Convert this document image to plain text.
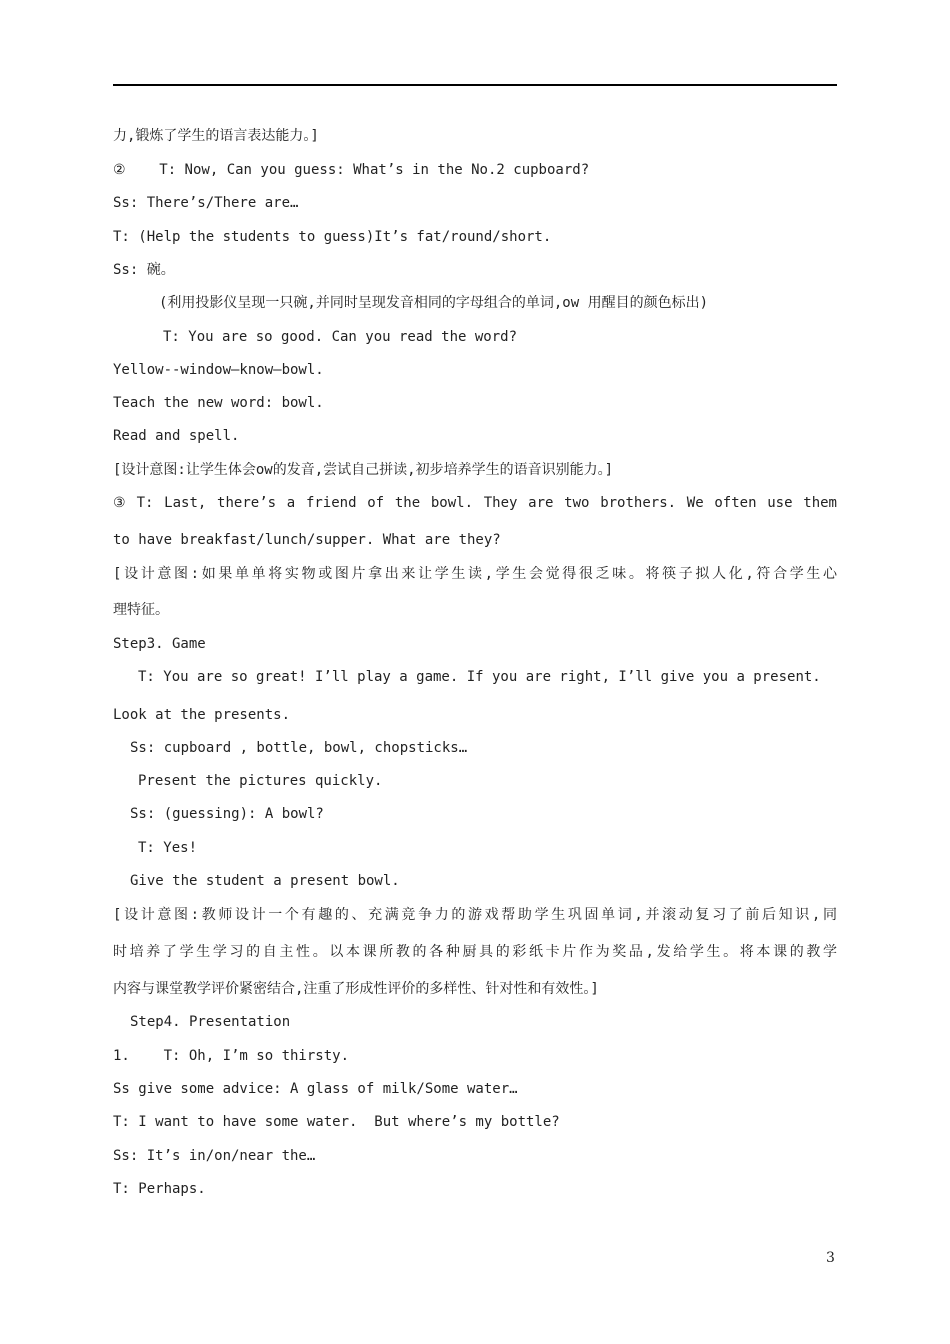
力,锻炼了学生的语言表达能力。]
②    T: Now, Can you guess: What’s in the No.2 cupboard?
Ss: There’s/There are…
T: (Help the students to guess)It’s fat/round/short.
Ss: 碗。
(利用投影仪呈现一只碗,并同时呈现发音相同的字母组合的单词,ow 用醒目的颜色标出)
T: You are so good. Can you read the word?
Yellow--window—know—bowl.
Teach the new word: bowl.
Read and spell.
[设计意图:让学生体会ow的发音,尝试自己拼读,初步培养学生的语音识别能力。]
③ T: Last, there’s a friend of the bowl. They are two brothers. We often use them
to have breakfast/lunch/supper. What are they?
[设计意图:如果单单将实物或图片拿出来让学生读,学生会觉得很乏味。将筷子拟人化,符合学生心
理特征。
Step3. Game
T: You are so great! I’ll play a game. If you are right, I’ll give you a present.
Look at the presents.
Ss: cupboard , bottle, bowl, chopsticks…
Present the pictures quickly.
Ss: (guessing): A bowl?
T: Yes!
Give the student a present bowl.
[设计意图:教师设计一个有趣的、充满竞争力的游戏帮助学生巩固单词,并滚动复习了前后知识,同
时培养了学生学习的自主性。以本课所教的各种厨具的彩纸卡片作为奖品,发给学生。将本课的教学
内容与课堂教学评价紧密结合,注重了形成性评价的多样性、针对性和有效性。]
Step4. Presentation
1.    T: Oh, I’m so thirsty.
Ss give some advice: A glass of milk/Some water…
T: I want to have some water.  But where’s my bottle?
Ss: It’s in/on/near the…
T: Perhaps.
3
